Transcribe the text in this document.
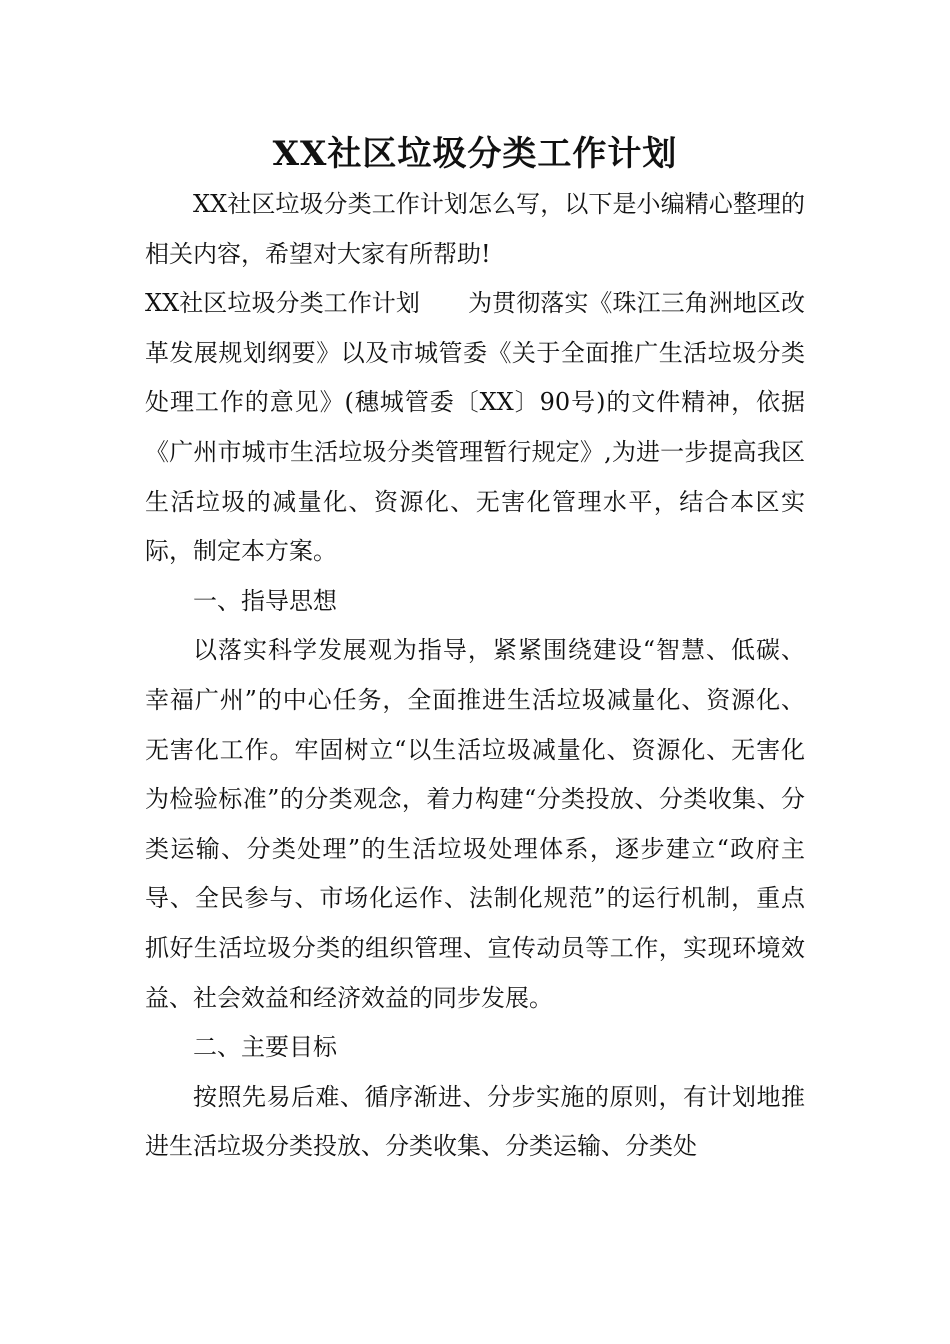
XX社区垃圾分类工作计划

XX社区垃圾分类工作计划怎么写，以下是小编精心整理的相关内容，希望对大家有所帮助!

XX社区垃圾分类工作计划　　为贯彻落实《珠江三角洲地区改革发展规划纲要》以及市城管委《关于全面推广生活垃圾分类处理工作的意见》(穗城管委〔XX〕90号)的文件精神，依据《广州市城市生活垃圾分类管理暂行规定》,为进一步提高我区生活垃圾的减量化、资源化、无害化管理水平，结合本区实际，制定本方案。

一、指导思想

以落实科学发展观为指导，紧紧围绕建设“智慧、低碳、幸福广州”的中心任务，全面推进生活垃圾减量化、资源化、无害化工作。牢固树立“以生活垃圾减量化、资源化、无害化为检验标准”的分类观念，着力构建“分类投放、分类收集、分类运输、分类处理”的生活垃圾处理体系，逐步建立“政府主导、全民参与、市场化运作、法制化规范”的运行机制，重点抓好生活垃圾分类的组织管理、宣传动员等工作，实现环境效益、社会效益和经济效益的同步发展。

二、主要目标

按照先易后难、循序渐进、分步实施的原则，有计划地推进生活垃圾分类投放、分类收集、分类运输、分类处
